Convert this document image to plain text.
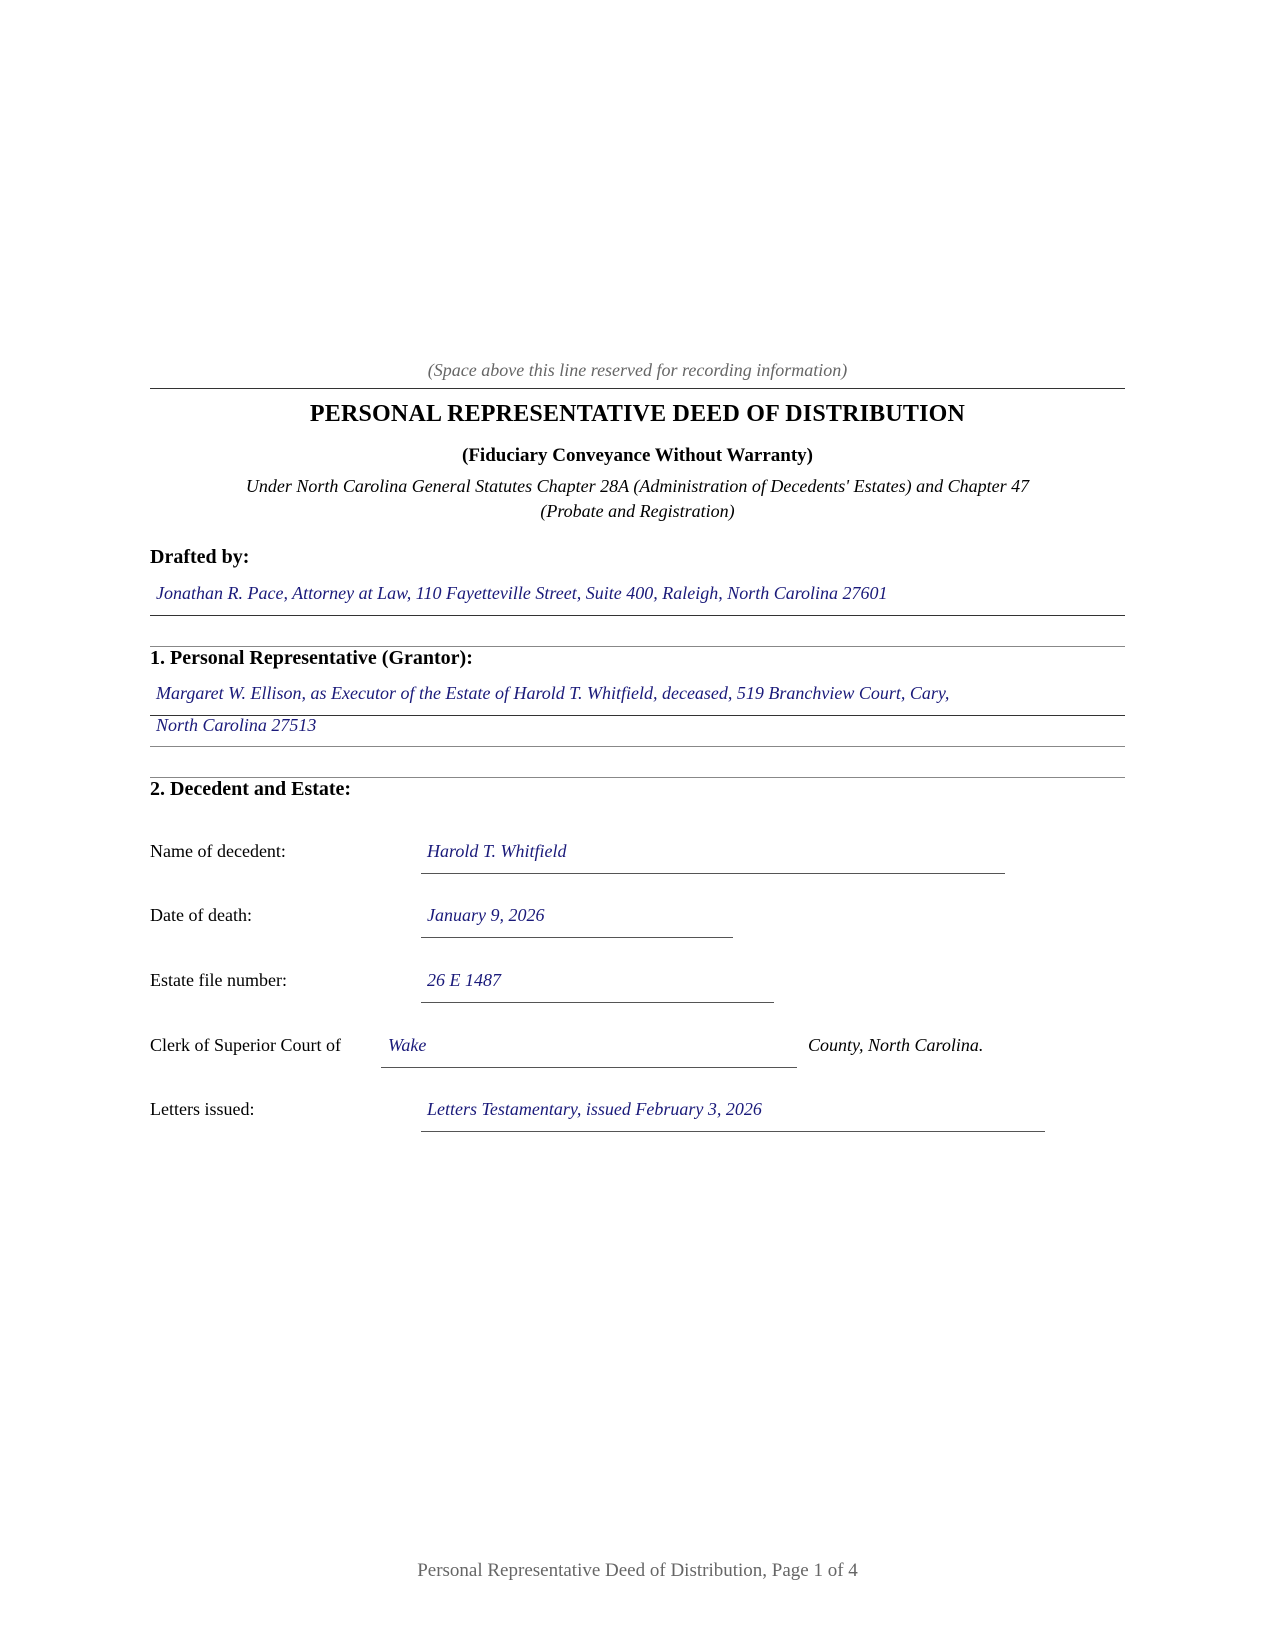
(Space above this line reserved for recording information)
PERSONAL REPRESENTATIVE DEED OF DISTRIBUTION
(Fiduciary Conveyance Without Warranty)
Under North Carolina General Statutes Chapter 28A (Administration of Decedents' Estates) and Chapter 47
(Probate and Registration)
Drafted by:
Jonathan R. Pace, Attorney at Law, 110 Fayetteville Street, Suite 400, Raleigh, North Carolina 27601
1. Personal Representative (Grantor):
Margaret W. Ellison, as Executor of the Estate of Harold T. Whitfield, deceased, 519 Branchview Court, Cary,
North Carolina 27513
2. Decedent and Estate:
Name of decedent:	Harold T. Whitfield
Date of death:	January 9, 2026
Estate file number:	26 E 1487
Clerk of Superior Court of	Wake	County, North Carolina.
Letters issued:	Letters Testamentary, issued February 3, 2026
Personal Representative Deed of Distribution, Page 1 of 4
